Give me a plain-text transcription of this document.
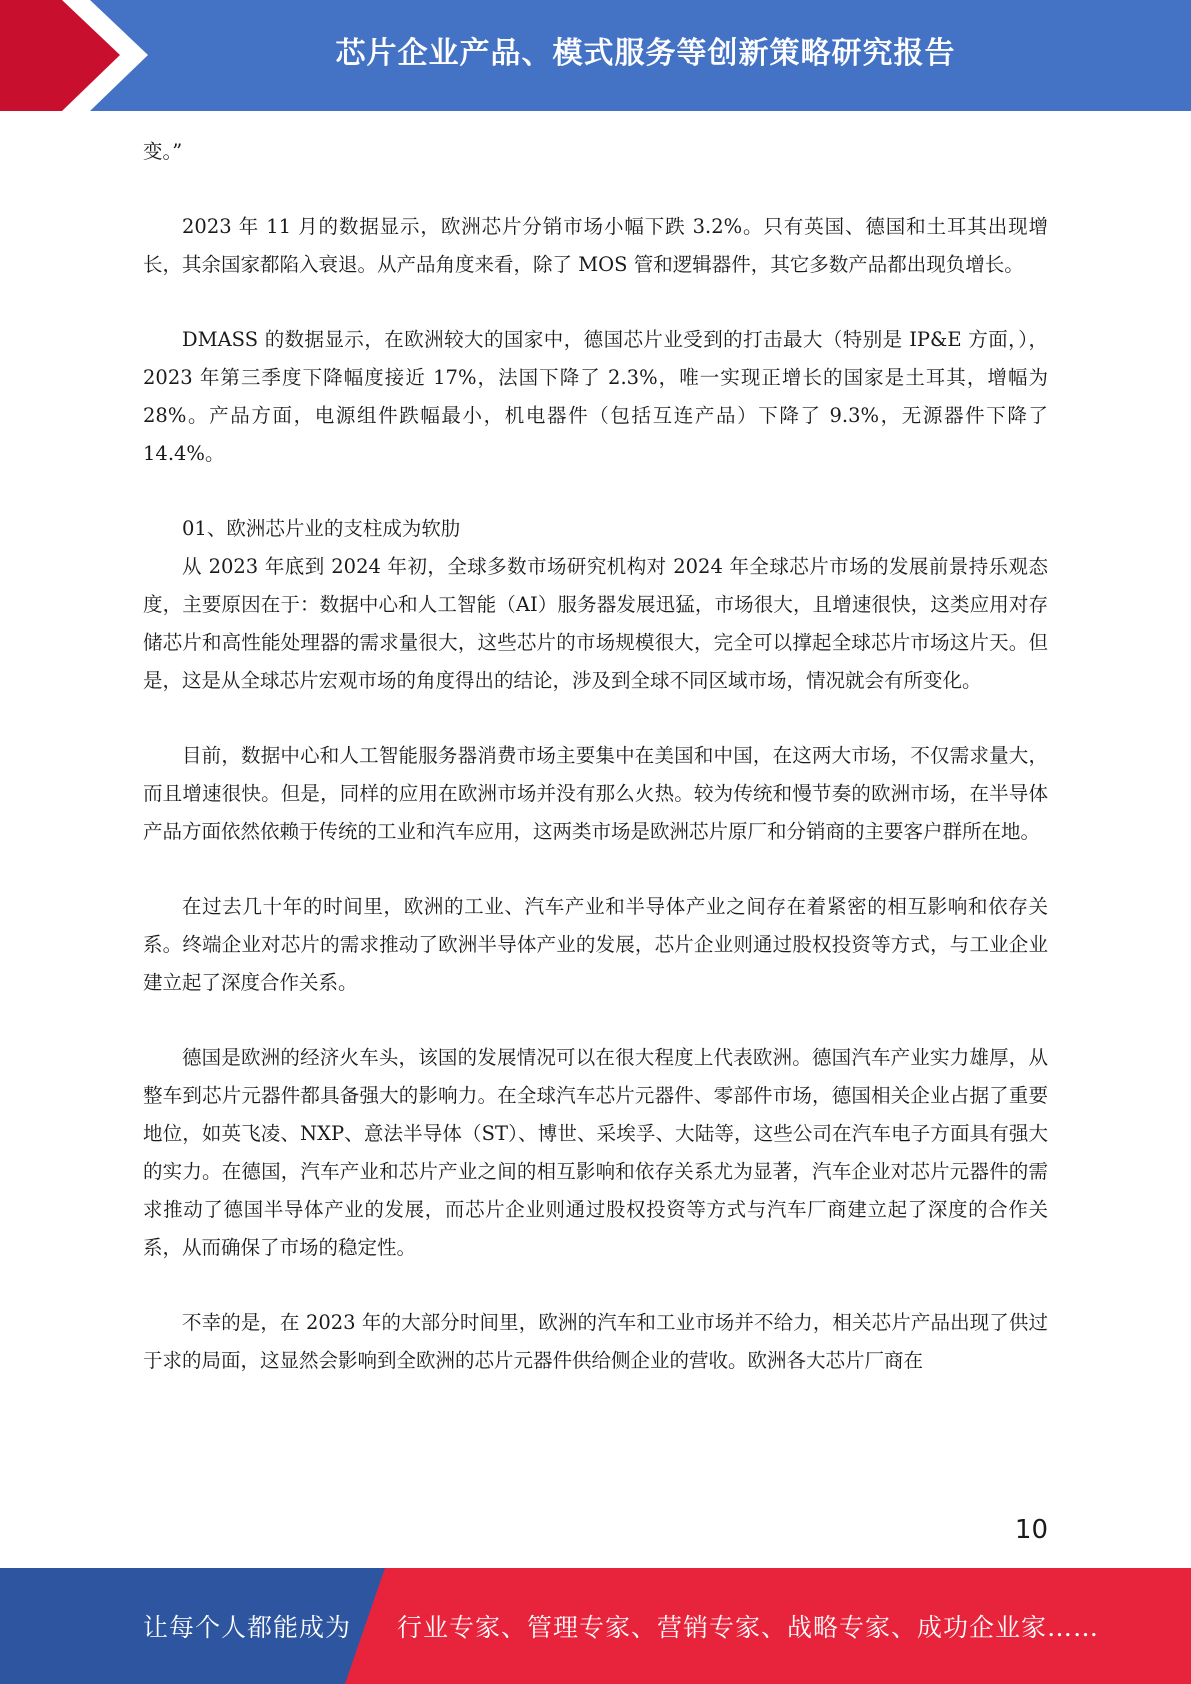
芯片企业产品、模式服务等创新策略研究报告

变。”

2023 年 11 月的数据显示，欧洲芯片分销市场小幅下跌 3.2%。只有英国、德国和土耳其出现增长，其余国家都陷入衰退。从产品角度来看，除了 MOS 管和逻辑器件，其它多数产品都出现负增长。

DMASS 的数据显示，在欧洲较大的国家中，德国芯片业受到的打击最大（特别是 IP&E 方面，），2023 年第三季度下降幅度接近 17%，法国下降了 2.3%，唯一实现正增长的国家是土耳其，增幅为 28%。产品方面，电源组件跌幅最小，机电器件（包括互连产品）下降了 9.3%，无源器件下降了 14.4%。

01、欧洲芯片业的支柱成为软肋

从 2023 年底到 2024 年初，全球多数市场研究机构对 2024 年全球芯片市场的发展前景持乐观态度，主要原因在于：数据中心和人工智能（AI）服务器发展迅猛，市场很大，且增速很快，这类应用对存储芯片和高性能处理器的需求量很大，这些芯片的市场规模很大，完全可以撑起全球芯片市场这片天。但是，这是从全球芯片宏观市场的角度得出的结论，涉及到全球不同区域市场，情况就会有所变化。

目前，数据中心和人工智能服务器消费市场主要集中在美国和中国，在这两大市场，不仅需求量大，而且增速很快。但是，同样的应用在欧洲市场并没有那么火热。较为传统和慢节奏的欧洲市场，在半导体产品方面依然依赖于传统的工业和汽车应用，这两类市场是欧洲芯片原厂和分销商的主要客户群所在地。

在过去几十年的时间里，欧洲的工业、汽车产业和半导体产业之间存在着紧密的相互影响和依存关系。终端企业对芯片的需求推动了欧洲半导体产业的发展，芯片企业则通过股权投资等方式，与工业企业建立起了深度合作关系。

德国是欧洲的经济火车头，该国的发展情况可以在很大程度上代表欧洲。德国汽车产业实力雄厚，从整车到芯片元器件都具备强大的影响力。在全球汽车芯片元器件、零部件市场，德国相关企业占据了重要地位，如英飞凌、NXP、意法半导体（ST）、博世、采埃孚、大陆等，这些公司在汽车电子方面具有强大的实力。在德国，汽车产业和芯片产业之间的相互影响和依存关系尤为显著，汽车企业对芯片元器件的需求推动了德国半导体产业的发展，而芯片企业则通过股权投资等方式与汽车厂商建立起了深度的合作关系，从而确保了市场的稳定性。

不幸的是，在 2023 年的大部分时间里，欧洲的汽车和工业市场并不给力，相关芯片产品出现了供过于求的局面，这显然会影响到全欧洲的芯片元器件供给侧企业的营收。欧洲各大芯片厂商在

10
让每个人都能成为 行业专家、管理专家、营销专家、战略专家、成功企业家……
